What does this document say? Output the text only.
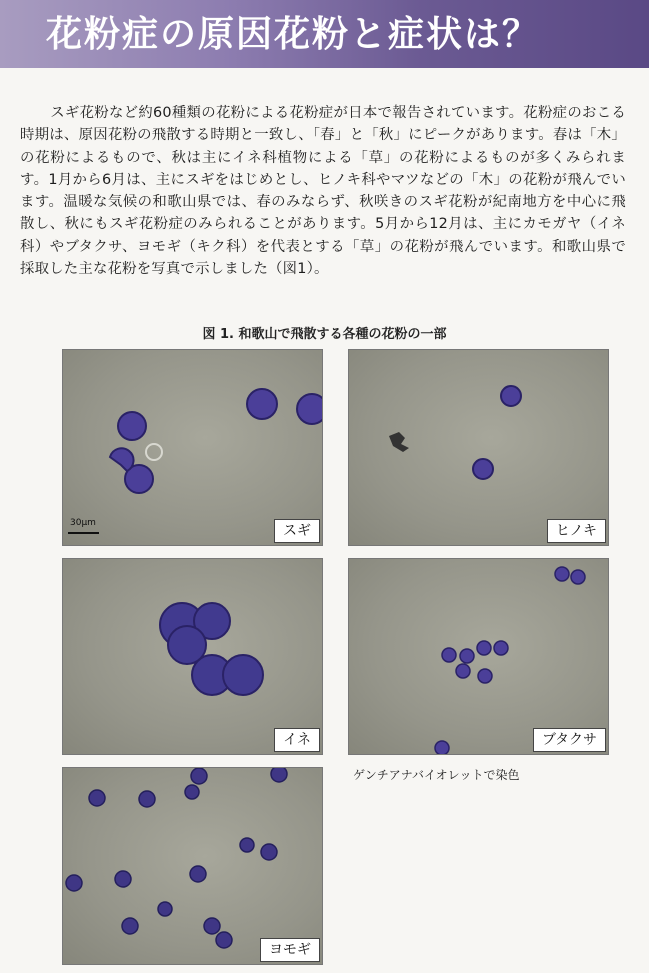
花粉症の原因花粉と症状は？

スギ花粉など約60種類の花粉による花粉症が日本で報告されています。花粉症のおこる時期は、原因花粉の飛散する時期と一致し、「春」と「秋」にピークがあります。春は「木」の花粉によるもので、秋は主にイネ科植物による「草」の花粉によるものが多くみられます。1月から6月は、主にスギをはじめとし、ヒノキ科やマツなどの「木」の花粉が飛んでいます。温暖な気候の和歌山県では、春のみならず、秋咲きのスギ花粉が紀南地方を中心に飛散し、秋にもスギ花粉症のみられることがあります。5月から12月は、主にカモガヤ（イネ科）やブタクサ、ヨモギ（キク科）を代表とする「草」の花粉が飛んでいます。和歌山県で採取した主な花粉を写真で示しました（図1）。

図 1. 和歌山で飛散する各種の花粉の一部
30μm	スギ	ヒノキ
イネ	ブタクサ
ヨモギ
ゲンチアナバイオレットで染色
